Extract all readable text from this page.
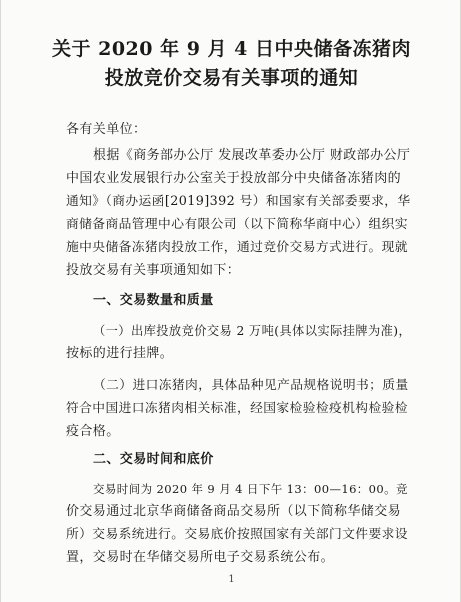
关于 2020 年 9 月 4 日中央储备冻猪肉
投放竞价交易有关事项的通知
各有关单位：
根据《商务部办公厅 发展改革委办公厅 财政部办公厅
中国农业发展银行办公室关于投放部分中央储备冻猪肉的
通知》（商办运函[2019]392 号）和国家有关部委要求，华
商储备商品管理中心有限公司（以下简称华商中心）组织实
施中央储备冻猪肉投放工作，通过竞价交易方式进行。现就
投放交易有关事项通知如下：
一、交易数量和质量
（一）出库投放竞价交易 2 万吨(具体以实际挂牌为准)，
按标的进行挂牌。
（二）进口冻猪肉，具体品种见产品规格说明书；质量
符合中国进口冻猪肉相关标准，经国家检验检疫机构检验检
疫合格。
二、交易时间和底价
交易时间为 2020 年 9 月 4 日下午 13：00—16：00。竞
价交易通过北京华商储备商品交易所（以下简称华储交易
所）交易系统进行。交易底价按照国家有关部门文件要求设
置，交易时在华储交易所电子交易系统公布。
1
